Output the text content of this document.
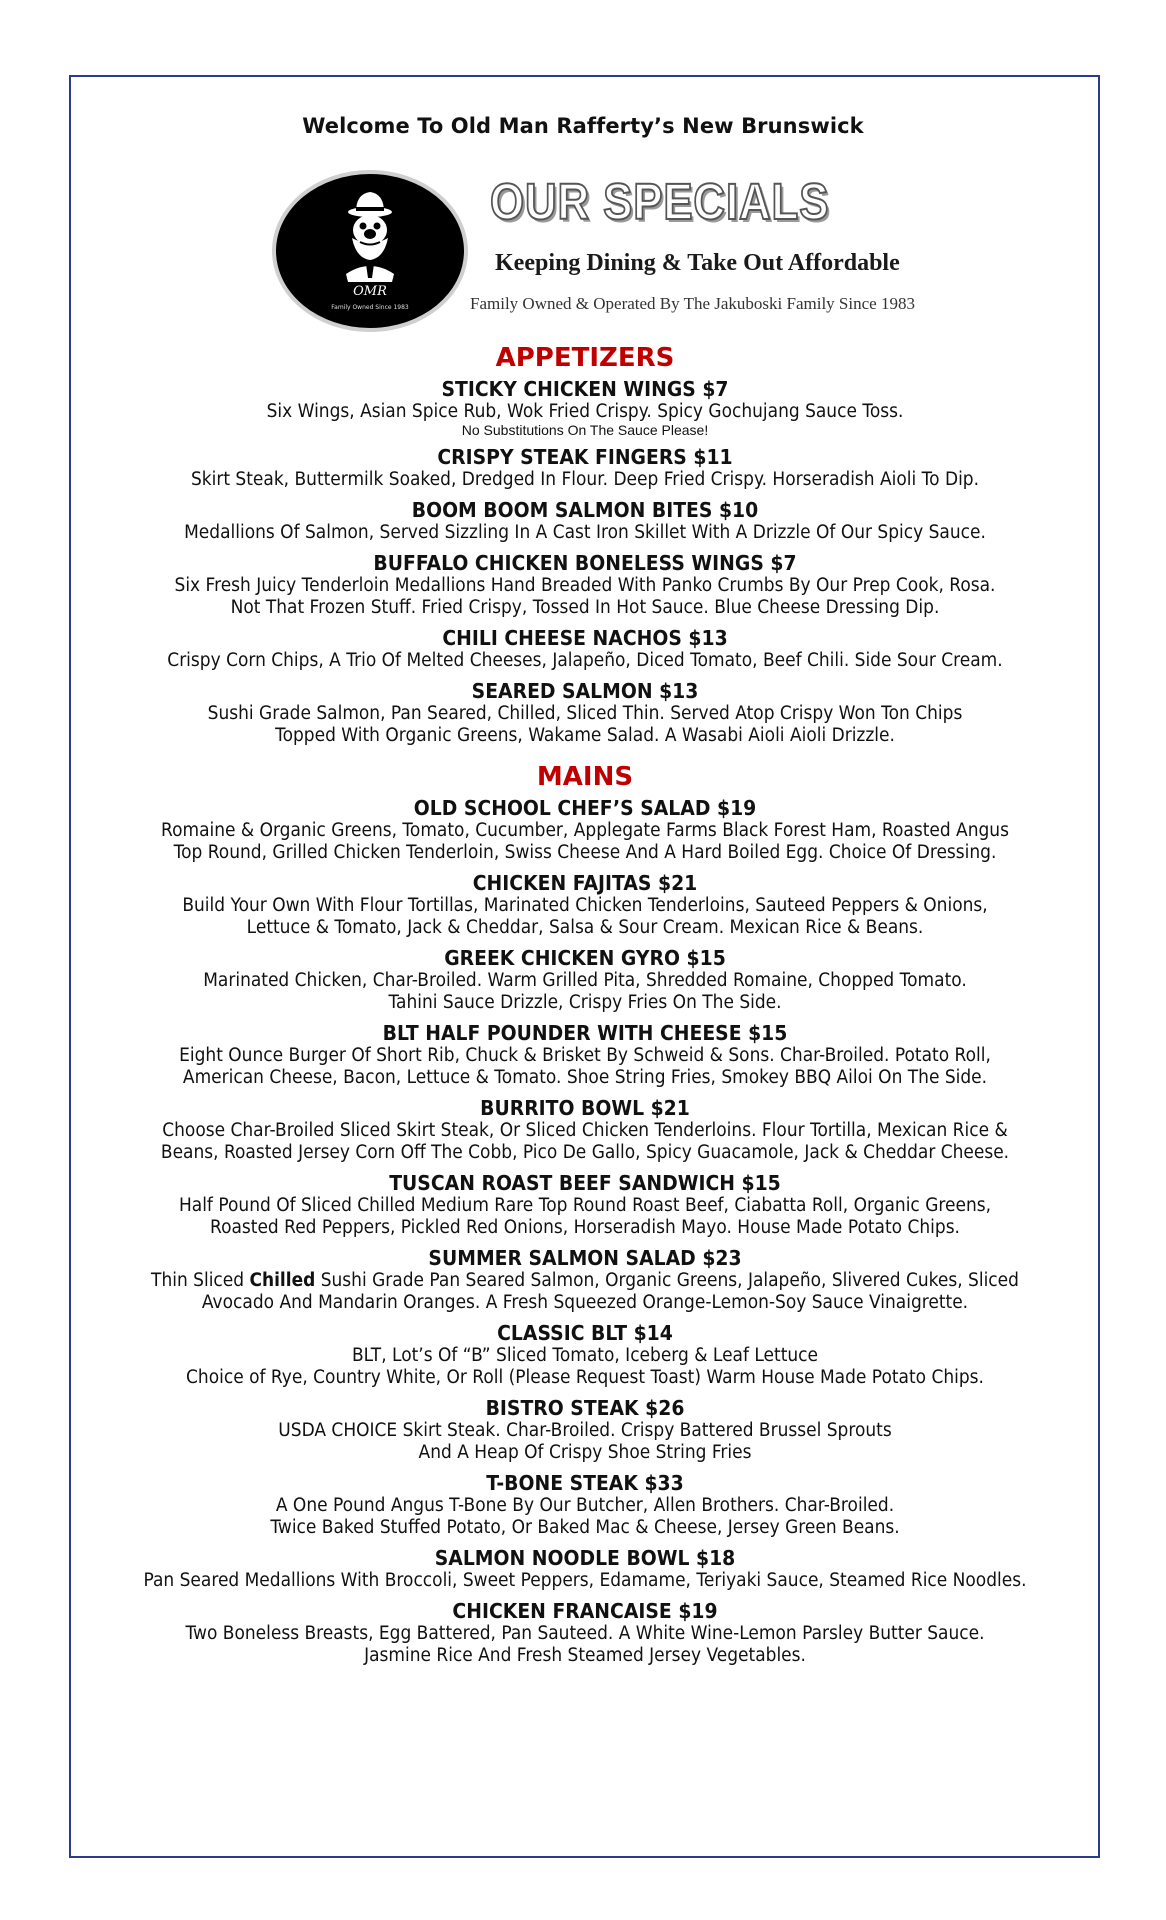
Welcome To Old Man Rafferty’s New Brunswick
OMR
Family Owned Since 1983
OUR SPECIALS
Keeping Dining & Take Out Affordable
Family Owned & Operated By The Jakuboski Family Since 1983
APPETIZERS
STICKY CHICKEN WINGS $7
Six Wings, Asian Spice Rub, Wok Fried Crispy. Spicy Gochujang Sauce Toss.
No Substitutions On The Sauce Please!
CRISPY STEAK FINGERS $11
Skirt Steak, Buttermilk Soaked, Dredged In Flour. Deep Fried Crispy. Horseradish Aioli To Dip.
BOOM BOOM SALMON BITES $10
Medallions Of Salmon, Served Sizzling In A Cast Iron Skillet With A Drizzle Of Our Spicy Sauce.
BUFFALO CHICKEN BONELESS WINGS $7
Six Fresh Juicy Tenderloin Medallions Hand Breaded With Panko Crumbs By Our Prep Cook, Rosa.
Not That Frozen Stuff. Fried Crispy, Tossed In Hot Sauce. Blue Cheese Dressing Dip.
CHILI CHEESE NACHOS $13
Crispy Corn Chips, A Trio Of Melted Cheeses, Jalapeño, Diced Tomato, Beef Chili. Side Sour Cream.
SEARED SALMON $13
Sushi Grade Salmon, Pan Seared, Chilled, Sliced Thin. Served Atop Crispy Won Ton Chips
Topped With Organic Greens, Wakame Salad. A Wasabi Aioli Aioli Drizzle.
MAINS
OLD SCHOOL CHEF’S SALAD $19
Romaine & Organic Greens, Tomato, Cucumber, Applegate Farms Black Forest Ham, Roasted Angus
Top Round, Grilled Chicken Tenderloin, Swiss Cheese And A Hard Boiled Egg. Choice Of Dressing.
CHICKEN FAJITAS $21
Build Your Own With Flour Tortillas, Marinated Chicken Tenderloins, Sauteed Peppers & Onions,
Lettuce & Tomato, Jack & Cheddar, Salsa & Sour Cream. Mexican Rice & Beans.
GREEK CHICKEN GYRO $15
Marinated Chicken, Char-Broiled. Warm Grilled Pita, Shredded Romaine, Chopped Tomato.
Tahini Sauce Drizzle, Crispy Fries On The Side.
BLT HALF POUNDER WITH CHEESE $15
Eight Ounce Burger Of Short Rib, Chuck & Brisket By Schweid & Sons. Char-Broiled. Potato Roll,
American Cheese, Bacon, Lettuce & Tomato. Shoe String Fries, Smokey BBQ Ailoi On The Side.
BURRITO BOWL $21
Choose Char-Broiled Sliced Skirt Steak, Or Sliced Chicken Tenderloins. Flour Tortilla, Mexican Rice &
Beans, Roasted Jersey Corn Off The Cobb, Pico De Gallo, Spicy Guacamole, Jack & Cheddar Cheese.
TUSCAN ROAST BEEF SANDWICH $15
Half Pound Of Sliced Chilled Medium Rare Top Round Roast Beef, Ciabatta Roll, Organic Greens,
Roasted Red Peppers, Pickled Red Onions, Horseradish Mayo. House Made Potato Chips.
SUMMER SALMON SALAD $23
Thin Sliced Chilled Sushi Grade Pan Seared Salmon, Organic Greens, Jalapeño, Slivered Cukes, Sliced
Avocado And Mandarin Oranges. A Fresh Squeezed Orange-Lemon-Soy Sauce Vinaigrette.
CLASSIC BLT $14
BLT, Lot’s Of “B” Sliced Tomato, Iceberg & Leaf Lettuce
Choice of Rye, Country White, Or Roll (Please Request Toast) Warm House Made Potato Chips.
BISTRO STEAK $26
USDA CHOICE Skirt Steak. Char-Broiled. Crispy Battered Brussel Sprouts
And A Heap Of Crispy Shoe String Fries
T-BONE STEAK $33
A One Pound Angus T-Bone By Our Butcher, Allen Brothers. Char-Broiled.
Twice Baked Stuffed Potato, Or Baked Mac & Cheese, Jersey Green Beans.
SALMON NOODLE BOWL $18
Pan Seared Medallions With Broccoli, Sweet Peppers, Edamame, Teriyaki Sauce, Steamed Rice Noodles.
CHICKEN FRANCAISE $19
Two Boneless Breasts, Egg Battered, Pan Sauteed. A White Wine-Lemon Parsley Butter Sauce.
Jasmine Rice And Fresh Steamed Jersey Vegetables.
